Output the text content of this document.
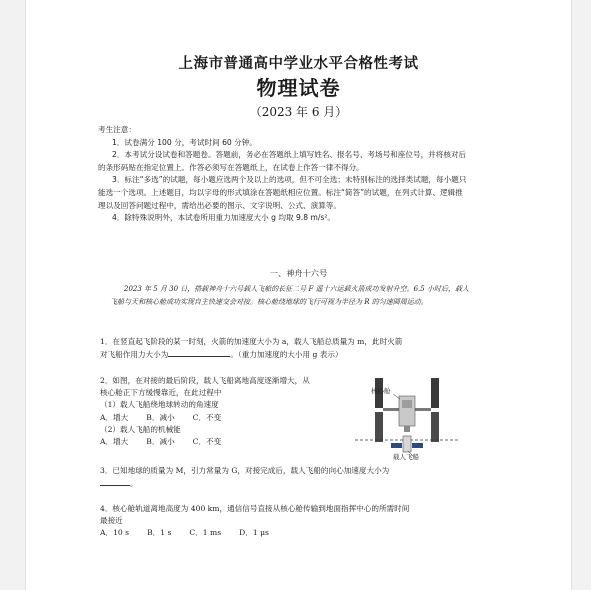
上海市普通高中学业水平合格性考试
物理试卷
（2023 年 6 月）

考生注意：

1．试卷满分 100 分，考试时间 60 分钟。

2．本考试分设试卷和答题卷。答题前，务必在答题纸上填写姓名、报名号、考场号和座位号，并将核对后的条形码贴在指定位置上。作答必须写在答题纸上，在试卷上作答一律不得分。

3．标注“多选”的试题，每小题应选两个及以上的选项，但不可全选；未特别标注的选择类试题，每小题只能选一个选项。上述题目，均以字母的形式填涂在答题纸相应位置。标注“简答”的试题，在列式计算、逻辑推理以及回答问题过程中，需给出必要的图示、文字说明、公式、演算等。

4．除特殊说明外，本试卷所用重力加速度大小 g 均取 9.8 m/s²。

一、神舟十六号

2023 年 5 月 30 日，搭载神舟十六号载人飞船的长征二号 F 遥十六运载火箭成功发射升空。6.5 小时后，载人飞船与天和核心舱成功实现自主快速交会对接。核心舱绕地球的飞行可视为半径为 R 的匀速圆周运动。

1．在竖直起飞阶段的某一时刻，火箭的加速度大小为 a，载人飞船总质量为 m，此时火箭

对飞船作用力大小为	。（重力加速度的大小用 g 表示）

2．如图，在对接的最后阶段，载人飞船离地高度逐渐增大，从

核心舱正下方缓慢靠近，在此过程中

（1）载人飞船绕地球转动的角速度

A．增大 B．减小 C．不变

（2）载人飞船的机械能

A．增大 B．减小 C．不变

核心舱
载人飞船

3．已知地球的质量为 M，引力常量为 G，对接完成后，载人飞船的向心加速度大小为

。

4．核心舱轨道离地高度为 400 km，通信信号直接从核心舱传输到地面指挥中心的所需时间

最接近

A．10 s B．1 s C．1 ms D．1 μs
